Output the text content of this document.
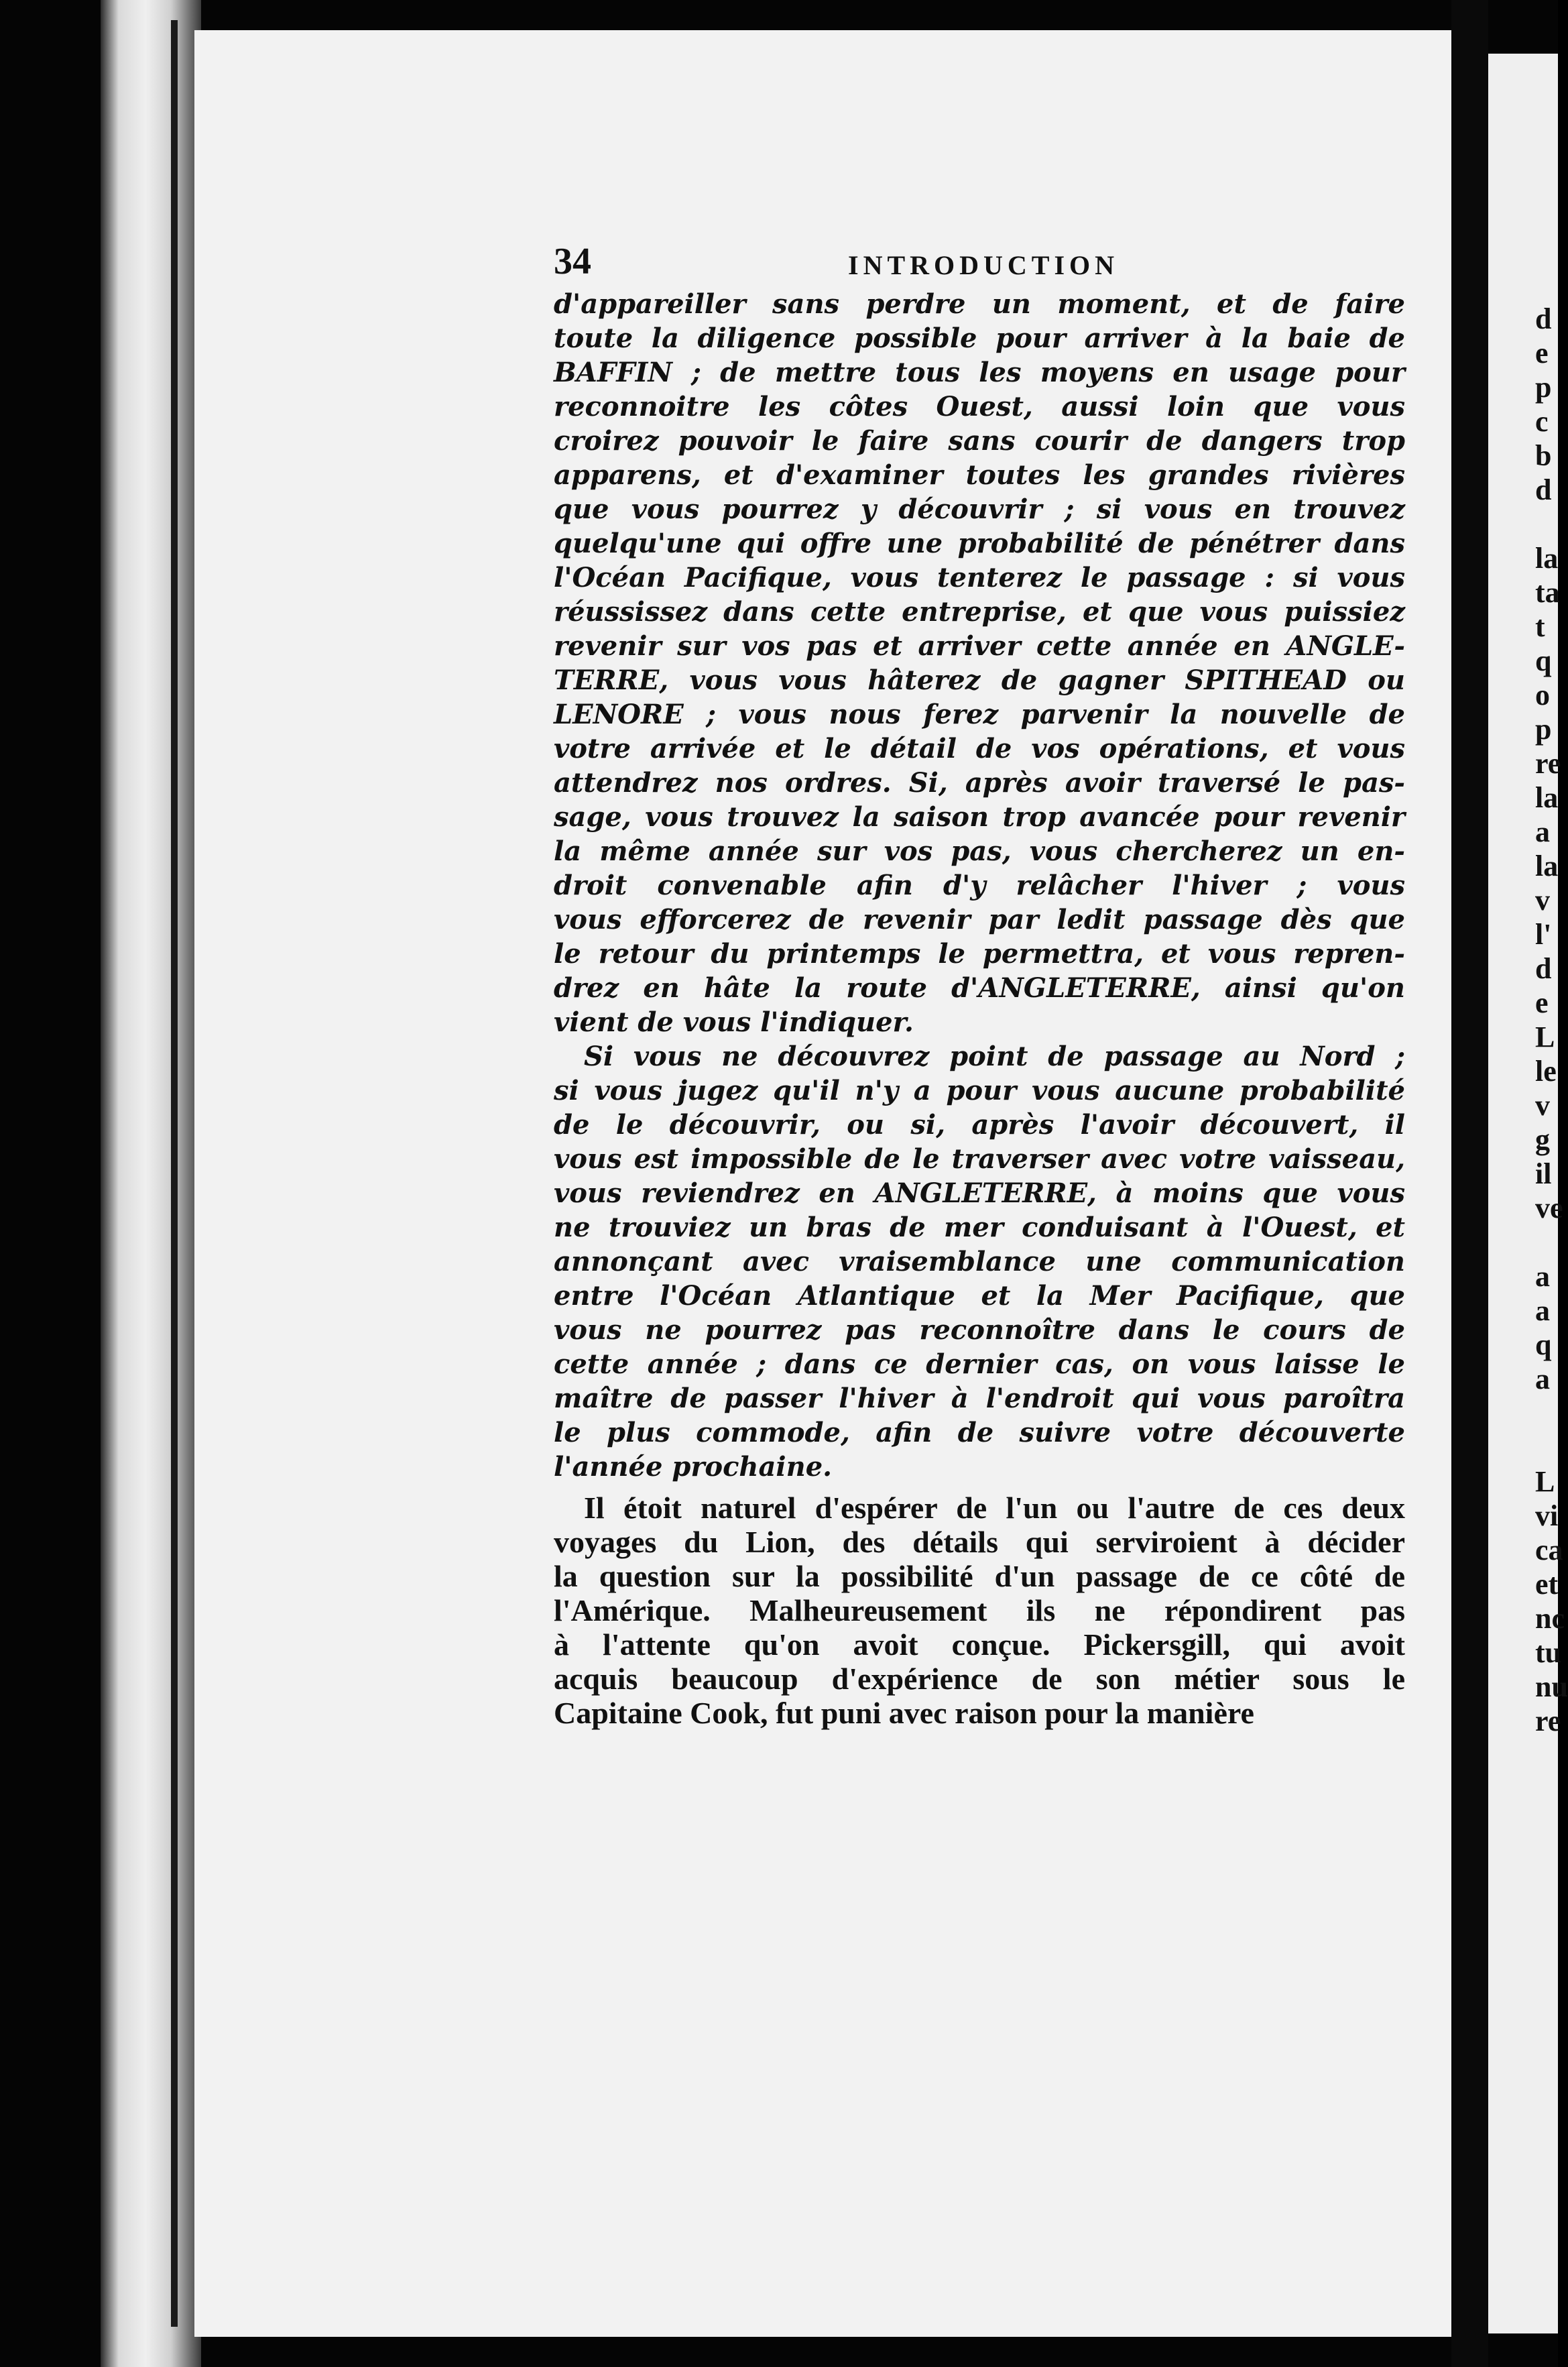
d
e
p
c
b
d
la
ta
t
q
o
p
re
la
a
la
v
l'
d
e
L
le
v
g
il
ve
a
a
q
a
L
vi
ca
et
nc
tu
nu
re
34	INTRODUCTION
d'appareiller sans perdre un moment, et de faire
toute la diligence possible pour arriver à la baie de
BAFFIN ; de mettre tous les moyens en usage pour
reconnoitre les côtes Ouest, aussi loin que vous
croirez pouvoir le faire sans courir de dangers trop
apparens, et d'examiner toutes les grandes rivières
que vous pourrez y découvrir ; si vous en trouvez
quelqu'une qui offre une probabilité de pénétrer dans
l'Océan Pacifique, vous tenterez le passage : si vous
réussissez dans cette entreprise, et que vous puissiez
revenir sur vos pas et arriver cette année en ANGLE-
TERRE, vous vous hâterez de gagner SPITHEAD ou
LENORE ; vous nous ferez parvenir la nouvelle de
votre arrivée et le détail de vos opérations, et vous
attendrez nos ordres. Si, après avoir traversé le pas-
sage, vous trouvez la saison trop avancée pour revenir
la même année sur vos pas, vous chercherez un en-
droit convenable afin d'y relâcher l'hiver ; vous
vous efforcerez de revenir par ledit passage dès que
le retour du printemps le permettra, et vous repren-
drez en hâte la route d'ANGLETERRE, ainsi qu'on
vient de vous l'indiquer.
Si vous ne découvrez point de passage au Nord ;
si vous jugez qu'il n'y a pour vous aucune probabilité
de le découvrir, ou si, après l'avoir découvert, il
vous est impossible de le traverser avec votre vaisseau,
vous reviendrez en ANGLETERRE, à moins que vous
ne trouviez un bras de mer conduisant à l'Ouest, et
annonçant avec vraisemblance une communication
entre l'Océan Atlantique et la Mer Pacifique, que
vous ne pourrez pas reconnoître dans le cours de
cette année ; dans ce dernier cas, on vous laisse le
maître de passer l'hiver à l'endroit qui vous paroîtra
le plus commode, afin de suivre votre découverte
l'année prochaine.
Il étoit naturel d'espérer de l'un ou l'autre de ces deux
voyages du Lion, des détails qui serviroient à décider
la question sur la possibilité d'un passage de ce côté de
l'Amérique. Malheureusement ils ne répondirent pas
à l'attente qu'on avoit conçue. Pickersgill, qui avoit
acquis beaucoup d'expérience de son métier sous le
Capitaine Cook, fut puni avec raison pour la manière
